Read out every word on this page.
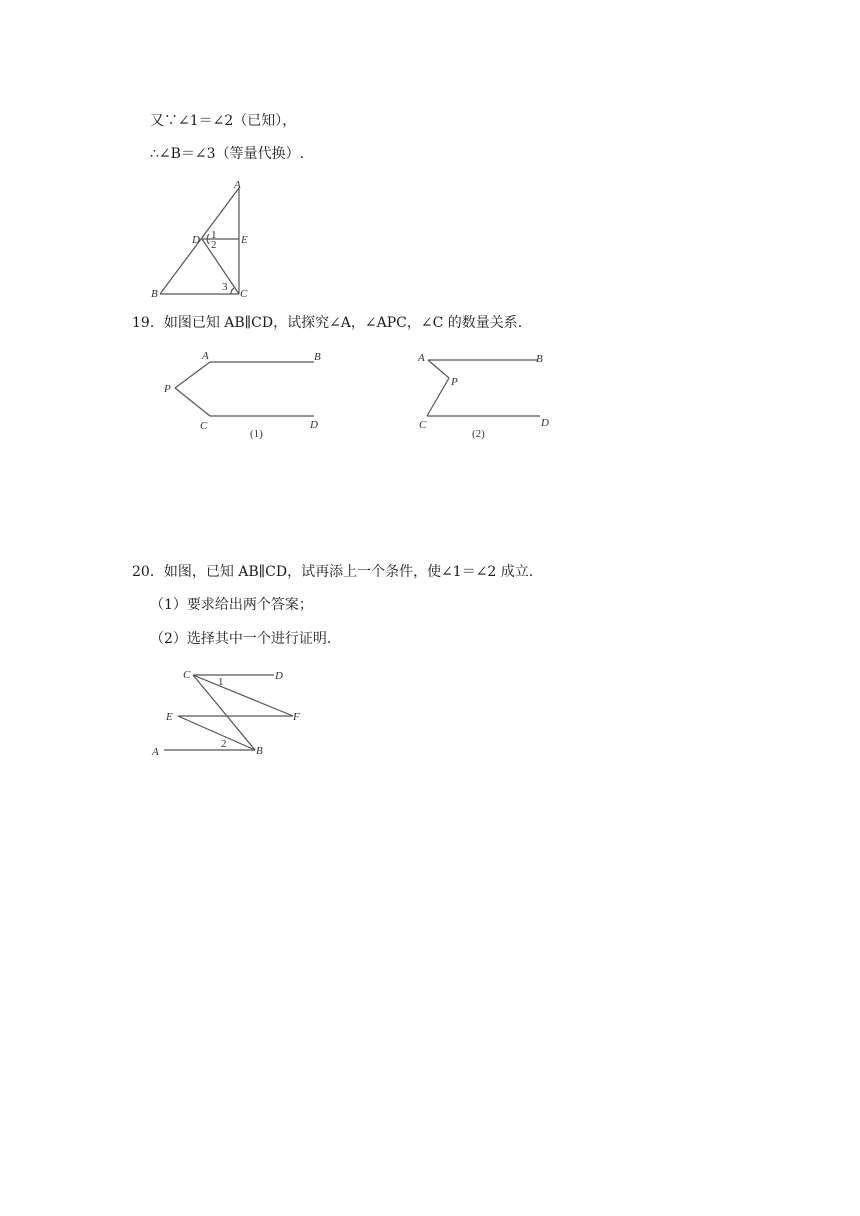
又∵∠1＝∠2（已知），
∴∠B＝∠3（等量代换）.
A
D	E
B	C
1
2
3
19．如图已知 AB∥CD，试探究∠A，∠APC，∠C 的数量关系.
A	B
P
C	D
(1)
A	B
P
C	D
(2)
20．如图，已知 AB∥CD，试再添上一个条件，使∠1＝∠2 成立.
（1）要求给出两个答案；
（2）选择其中一个进行证明.
C	D
E	F
A	B
1
2
